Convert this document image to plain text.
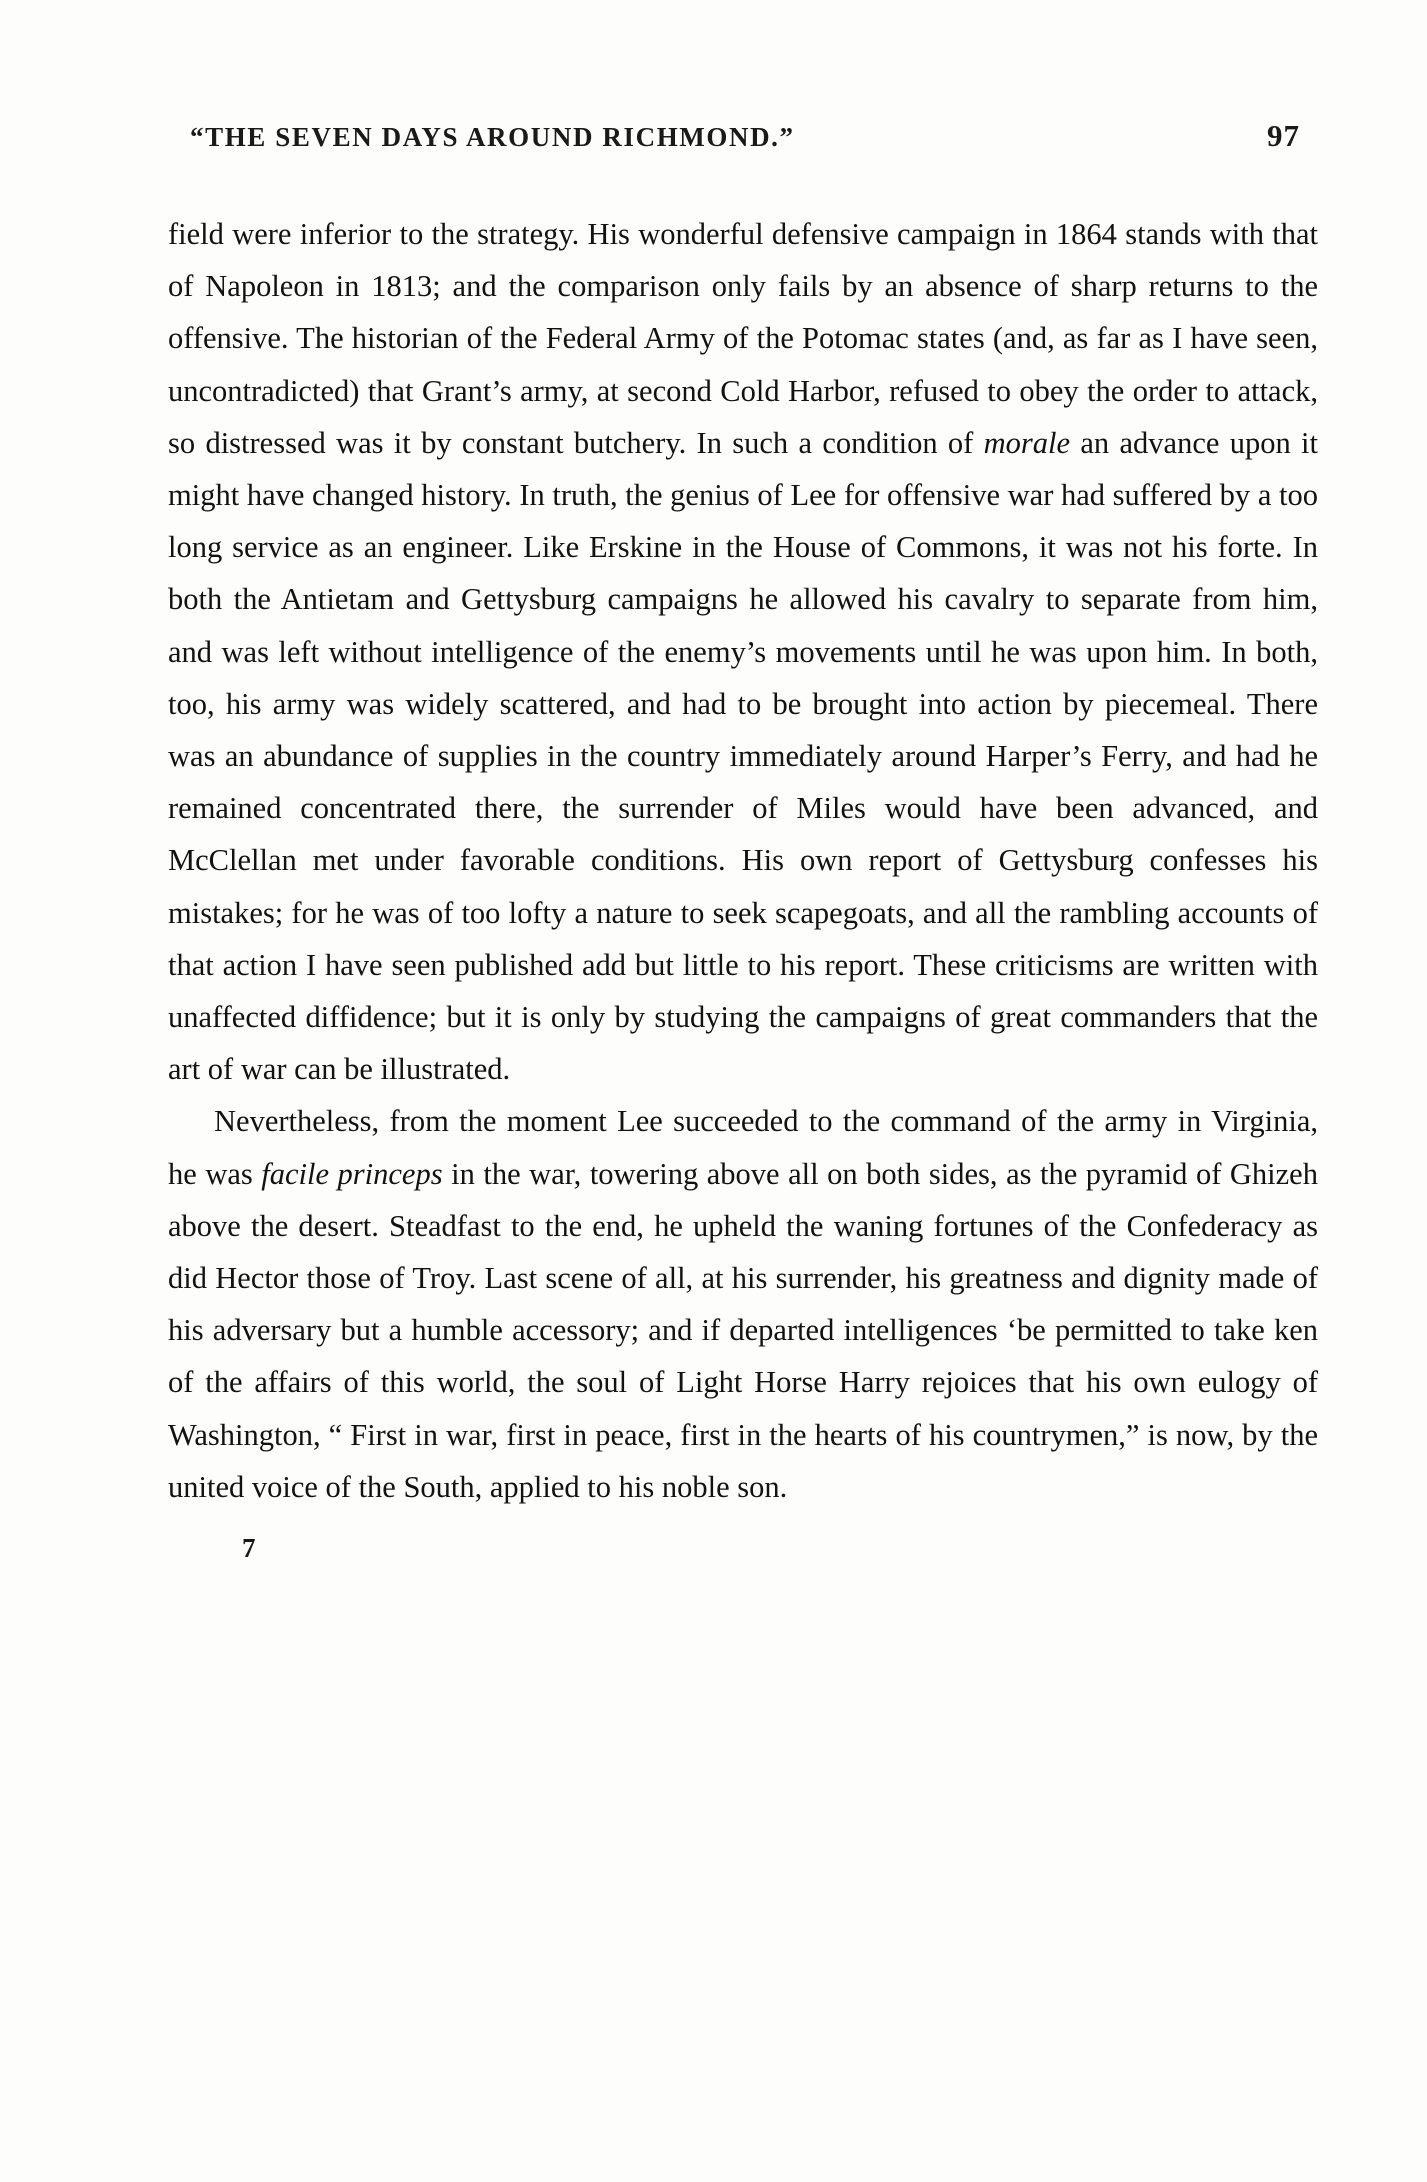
“THE SEVEN DAYS AROUND RICHMOND.”	97

field were inferior to the strategy. His wonderful defensive campaign in 1864 stands with that of Napoleon in 1813; and the comparison only fails by an absence of sharp returns to the offensive. The historian of the Federal Army of the Potomac states (and, as far as I have seen, uncontradicted) that Grant’s army, at second Cold Harbor, refused to obey the order to attack, so distressed was it by constant butchery. In such a condition of morale an advance upon it might have changed history. In truth, the genius of Lee for offensive war had suffered by a too long service as an engineer. Like Erskine in the House of Commons, it was not his forte. In both the Antietam and Gettysburg campaigns he allowed his cavalry to separate from him, and was left without intelligence of the enemy’s movements until he was upon him. In both, too, his army was widely scattered, and had to be brought into action by piecemeal. There was an abundance of supplies in the country immediately around Harper’s Ferry, and had he remained concentrated there, the surrender of Miles would have been advanced, and McClellan met under favorable conditions. His own report of Gettysburg confesses his mistakes; for he was of too lofty a nature to seek scapegoats, and all the rambling accounts of that action I have seen published add but little to his report. These criticisms are written with unaffected diffidence; but it is only by studying the campaigns of great commanders that the art of war can be illustrated.

Nevertheless, from the moment Lee succeeded to the command of the army in Virginia, he was facile princeps in the war, towering above all on both sides, as the pyramid of Ghizeh above the desert. Steadfast to the end, he upheld the waning fortunes of the Confederacy as did Hector those of Troy. Last scene of all, at his surrender, his greatness and dignity made of his adversary but a humble accessory; and if departed intelligences ‘be permitted to take ken of the affairs of this world, the soul of Light Horse Harry rejoices that his own eulogy of Washington, “ First in war, first in peace, first in the hearts of his countrymen,” is now, by the united voice of the South, applied to his noble son.

7
